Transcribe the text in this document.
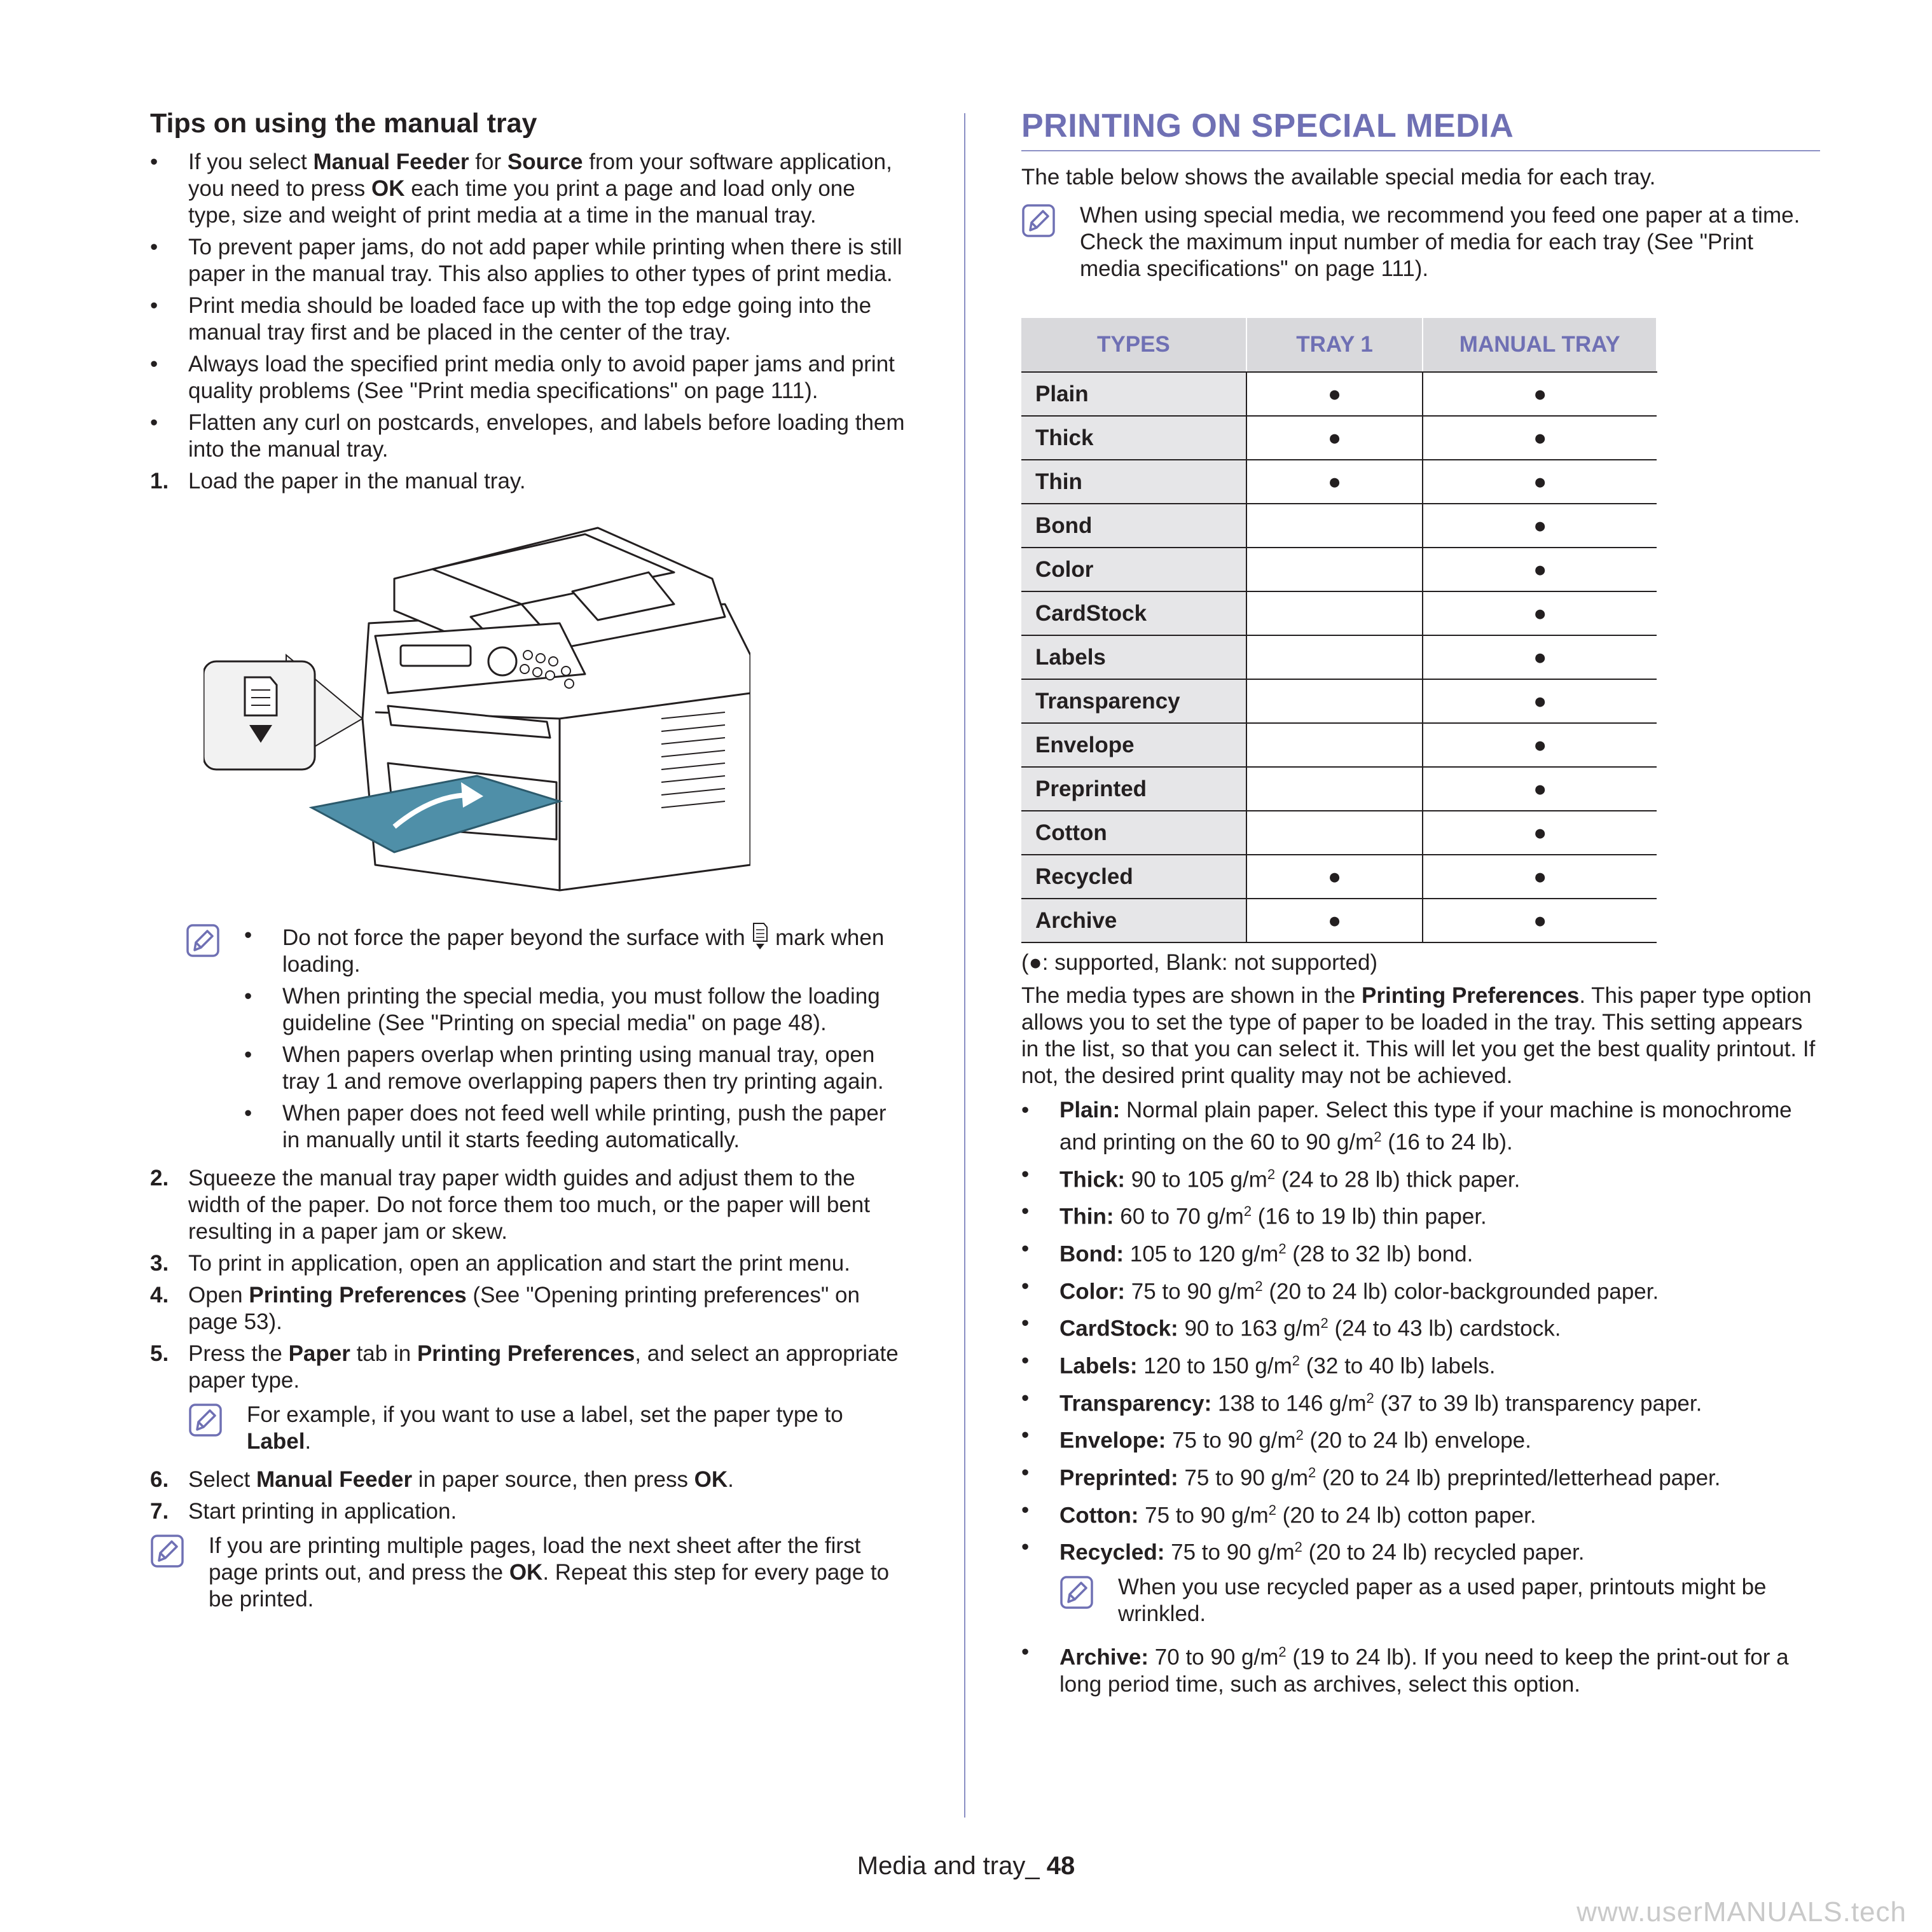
Tips on using the manual tray
• If you select Manual Feeder for Source from your software application, you need to press OK each time you print a page and load only one type, size and weight of print media at a time in the manual tray.
• To prevent paper jams, do not add paper while printing when there is still paper in the manual tray. This also applies to other types of print media.
• Print media should be loaded face up with the top edge going into the manual tray first and be placed in the center of the tray.
• Always load the specified print media only to avoid paper jams and print quality problems (See "Print media specifications" on page 111).
• Flatten any curl on postcards, envelopes, and labels before loading them into the manual tray.
1. Load the paper in the manual tray.
• Do not force the paper beyond the surface with  mark when loading.
• When printing the special media, you must follow the loading guideline (See "Printing on special media" on page 48).
• When papers overlap when printing using manual tray, open tray 1 and remove overlapping papers then try printing again.
• When paper does not feed well while printing, push the paper in manually until it starts feeding automatically.
2. Squeeze the manual tray paper width guides and adjust them to the width of the paper. Do not force them too much, or the paper will bent resulting in a paper jam or skew.
3. To print in application, open an application and start the print menu.
4. Open Printing Preferences (See "Opening printing preferences" on page 53).
5. Press the Paper tab in Printing Preferences, and select an appropriate paper type.

For example, if you want to use a label, set the paper type to Label.

6. Select Manual Feeder in paper source, then press OK.
7. Start printing in application.

If you are printing multiple pages, load the next sheet after the first page prints out, and press the OK. Repeat this step for every page to be printed.

PRINTING ON SPECIAL MEDIA

The table below shows the available special media for each tray.

When using special media, we recommend you feed one paper at a time. Check the maximum input number of media for each tray (See "Print media specifications" on page 111).

TYPES	TRAY 1	MANUAL TRAY
Plain	●	●
Thick	●	●
Thin	●	●
Bond		●
Color		●
CardStock		●
Labels		●
Transparency		●
Envelope		●
Preprinted		●
Cotton		●
Recycled	●	●
Archive	●	●

(●: supported, Blank: not supported)

The media types are shown in the Printing Preferences. This paper type option allows you to set the type of paper to be loaded in the tray. This setting appears in the list, so that you can select it. This will let you get the best quality printout. If not, the desired print quality may not be achieved.

• Plain: Normal plain paper. Select this type if your machine is monochrome and printing on the 60 to 90 $g/m^2$ (16 to 24 lb).
• Thick: 90 to 105 $g/m^2$ (24 to 28 lb) thick paper.
• Thin: 60 to 70 $g/m^2$ (16 to 19 lb) thin paper.
• Bond: 105 to 120 $g/m^2$ (28 to 32 lb) bond.
• Color: 75 to 90 $g/m^2$ (20 to 24 lb) color-backgrounded paper.
• CardStock: 90 to 163 $g/m^2$ (24 to 43 lb) cardstock.
• Labels: 120 to 150 $g/m^2$ (32 to 40 lb) labels.
• Transparency: 138 to 146 $g/m^2$ (37 to 39 lb) transparency paper.
• Envelope: 75 to 90 $g/m^2$ (20 to 24 lb) envelope.
• Preprinted: 75 to 90 $g/m^2$ (20 to 24 lb) preprinted/letterhead paper.
• Cotton: 75 to 90 $g/m^2$ (20 to 24 lb) cotton paper.
• Recycled: 75 to 90 $g/m^2$ (20 to 24 lb) recycled paper.

When you use recycled paper as a used paper, printouts might be wrinkled.

• Archive: 70 to 90 $g/m^2$ (19 to 24 lb). If you need to keep the print-out for a long period time, such as archives, select this option.
Media and tray_ 48
www.userMANUALS.tech
